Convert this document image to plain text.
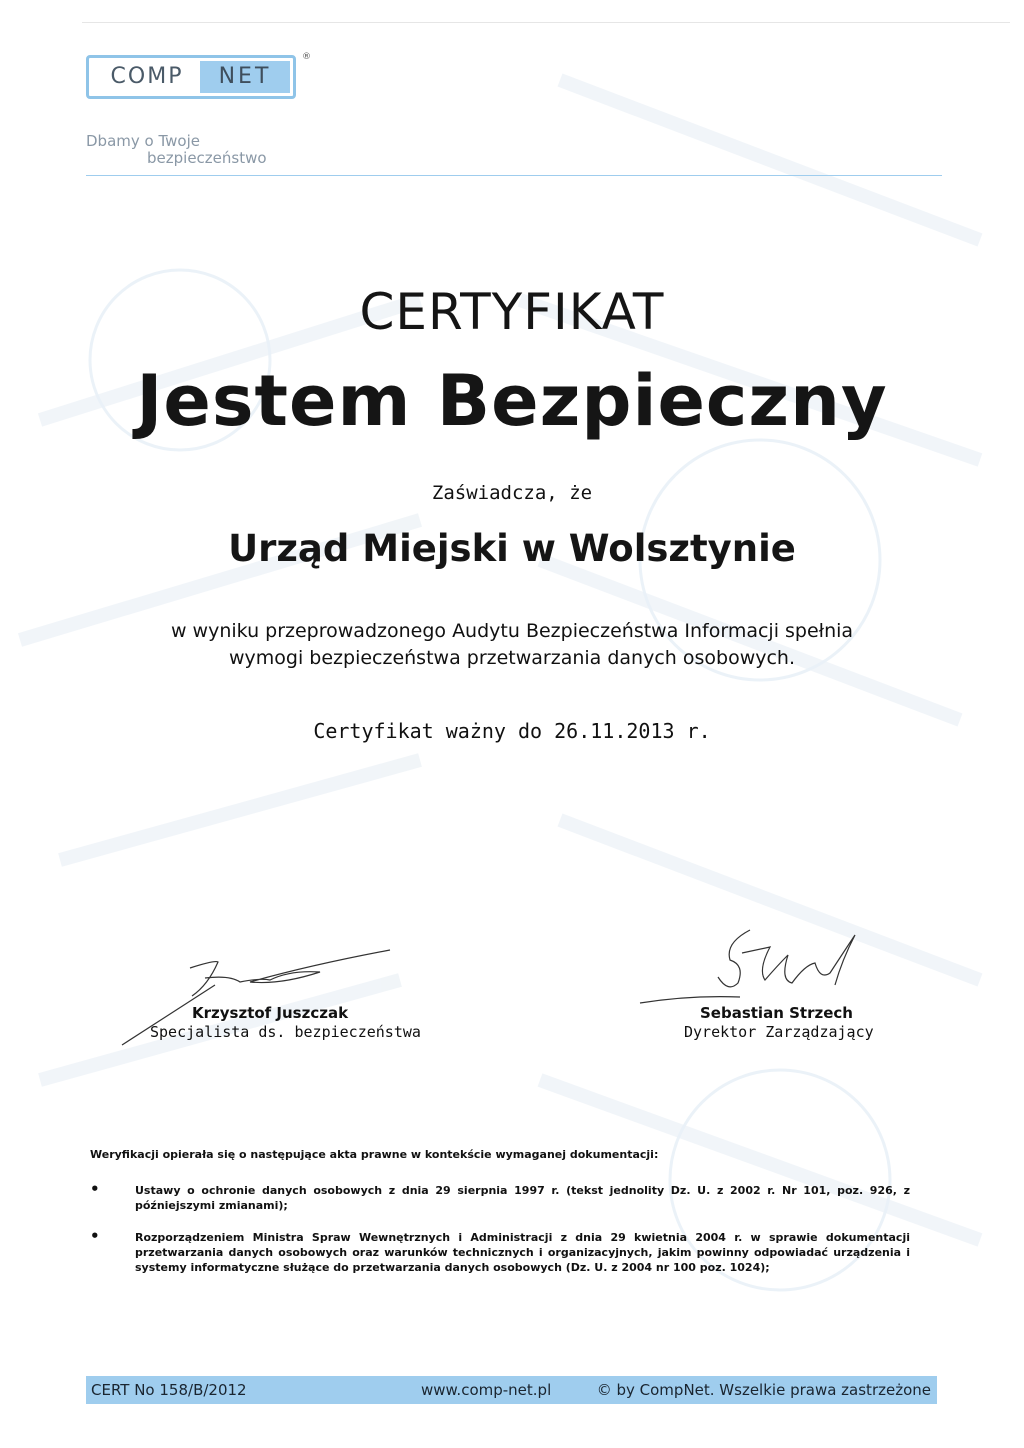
COMP	NET
®
Dbamy o Twoje
bezpieczeństwo
CERTYFIKAT
Jestem Bezpieczny
Zaświadcza, że
Urząd Miejski w Wolsztynie
w wyniku przeprowadzonego Audytu Bezpieczeństwa Informacji spełnia
wymogi bezpieczeństwa przetwarzania danych osobowych.
Certyfikat ważny do 26.11.2013 r.
Krzysztof Juszczak
Specjalista ds. bezpieczeństwa
Sebastian Strzech
Dyrektor Zarządzający
Weryfikacji opierała się o następujące akta prawne w kontekście wymaganej dokumentacji:
• Ustawy o ochronie danych osobowych z dnia 29 sierpnia 1997 r. (tekst jednolity Dz. U. z 2002 r. Nr 101, poz. 926, z późniejszymi zmianami);
• Rozporządzeniem Ministra Spraw Wewnętrznych i Administracji z dnia 29 kwietnia 2004 r. w sprawie dokumentacji przetwarzania danych osobowych oraz warunków technicznych i organizacyjnych, jakim powinny odpowiadać urządzenia i systemy informatyczne służące do przetwarzania danych osobowych (Dz. U. z 2004 nr 100 poz. 1024);
CERT No 158/B/2012	www.comp-net.pl	© by CompNet. Wszelkie prawa zastrzeżone
